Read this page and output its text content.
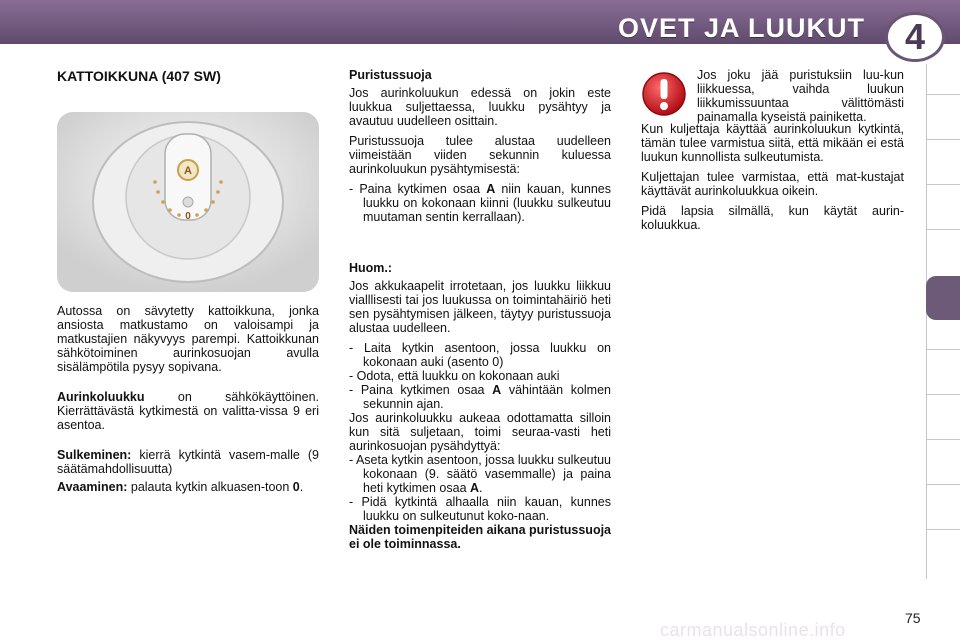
OVET JA LUUKUT	4
KATTOIKKUNA (407 SW)
A
0

Autossa on sävytetty kattoikkuna, jonka ansiosta matkustamo on valoisampi ja matkustajien näkyvyys parempi. Kattoikkunan sähkötoiminen aurinkosuojan avulla sisälämpötila pysyy sopivana.

Aurinkoluukku on sähkökäyttöinen. Kierrättävästä kytkimestä on valitta-vissa 9 eri asentoa.

Sulkeminen: kierrä kytkintä vasem-malle (9 säätämahdollisuutta)

Avaaminen: palauta kytkin alkuasen-toon 0.

Puristussuoja

Jos aurinkoluukun edessä on jokin este luukkua suljettaessa, luukku pysähtyy ja avautuu uudelleen osittain.

Puristussuoja tulee alustaa uudelleen viimeistään viiden sekunnin kuluessa aurinkoluukun pysähtymisestä:

- Paina kytkimen osaa A niin kauan, kunnes luukku on kokonaan kiinni (luukku sulkeutuu muutaman sentin kerrallaan).

Huom.:

Jos akkukaapelit irrotetaan, jos luukku liikkuu vialllisesti tai jos luukussa on toimintahäiriö heti sen pysähtymisen jälkeen, täytyy puristussuoja alustaa uudelleen.

- Laita kytkin asentoon, jossa luukku on kokonaan auki (asento 0)

- Odota, että luukku on kokonaan auki

- Paina kytkimen osaa A vähintään kolmen sekunnin ajan.

Jos aurinkoluukku aukeaa odottamatta silloin kun sitä suljetaan, toimi seuraa-vasti heti aurinkosuojan pysähdyttyä:

- Aseta kytkin asentoon, jossa luukku sulkeutuu kokonaan (9. säätö vasemmalle) ja paina heti kytkimen osaa A.

- Pidä kytkintä alhaalla niin kauan, kunnes luukku on sulkeutunut koko-naan.

Näiden toimenpiteiden aikana puristussuoja ei ole toiminnassa.

Jos joku jää puristuksiin luu-kun liikkuessa, vaihda luukun liikkumissuuntaa välittömästi painamalla kyseistä painiketta.

Kun kuljettaja käyttää aurinkoluukun kytkintä, tämän tulee varmistua siitä, että mikään ei estä luukun kunnollista sulkeutumista.

Kuljettajan tulee varmistaa, että mat-kustajat käyttävät aurinkoluukkua oikein.

Pidä lapsia silmällä, kun käytät aurin-koluukkua.

carmanualsonline.info
75
